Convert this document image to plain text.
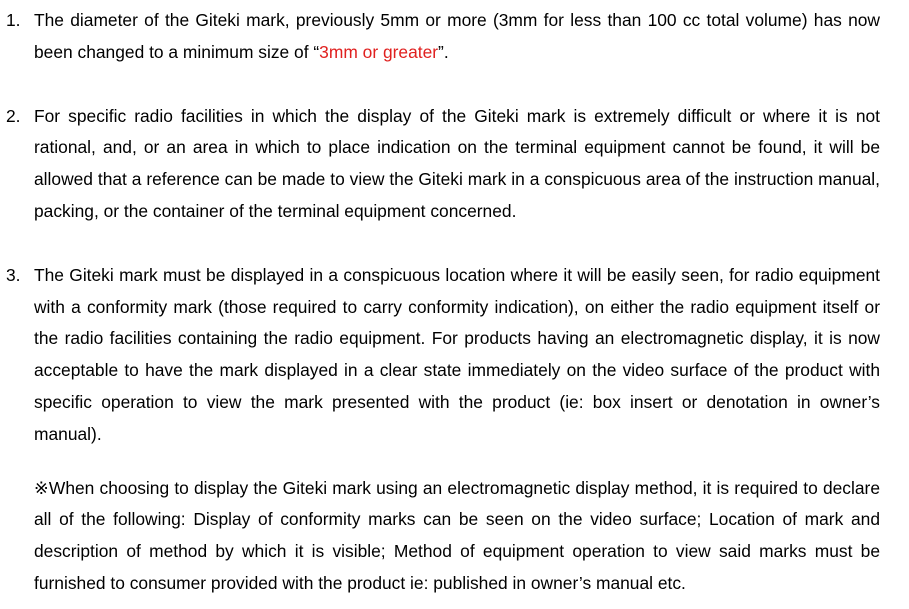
1. The diameter of the Giteki mark, previously 5mm or more (3mm for less than 100 cc total volume) has now been changed to a minimum size of “3mm or greater”.
2. For specific radio facilities in which the display of the Giteki mark is extremely difficult or where it is not rational, and, or an area in which to place indication on the terminal equipment cannot be found, it will be allowed that a reference can be made to view the Giteki mark in a conspicuous area of the instruction manual, packing, or the container of the terminal equipment concerned.
3. The Giteki mark must be displayed in a conspicuous location where it will be easily seen, for radio equipment with a conformity mark (those required to carry conformity indication), on either the radio equipment itself or the radio facilities containing the radio equipment. For products having an electromagnetic display, it is now acceptable to have the mark displayed in a clear state immediately on the video surface of the product with specific operation to view the mark presented with the product (ie: box insert or denotation in owner’s manual).
※When choosing to display the Giteki mark using an electromagnetic display method, it is required to declare all of the following: Display of conformity marks can be seen on the video surface; Location of mark and description of method by which it is visible; Method of equipment operation to view said marks must be furnished to consumer provided with the product ie: published in owner’s manual etc.
